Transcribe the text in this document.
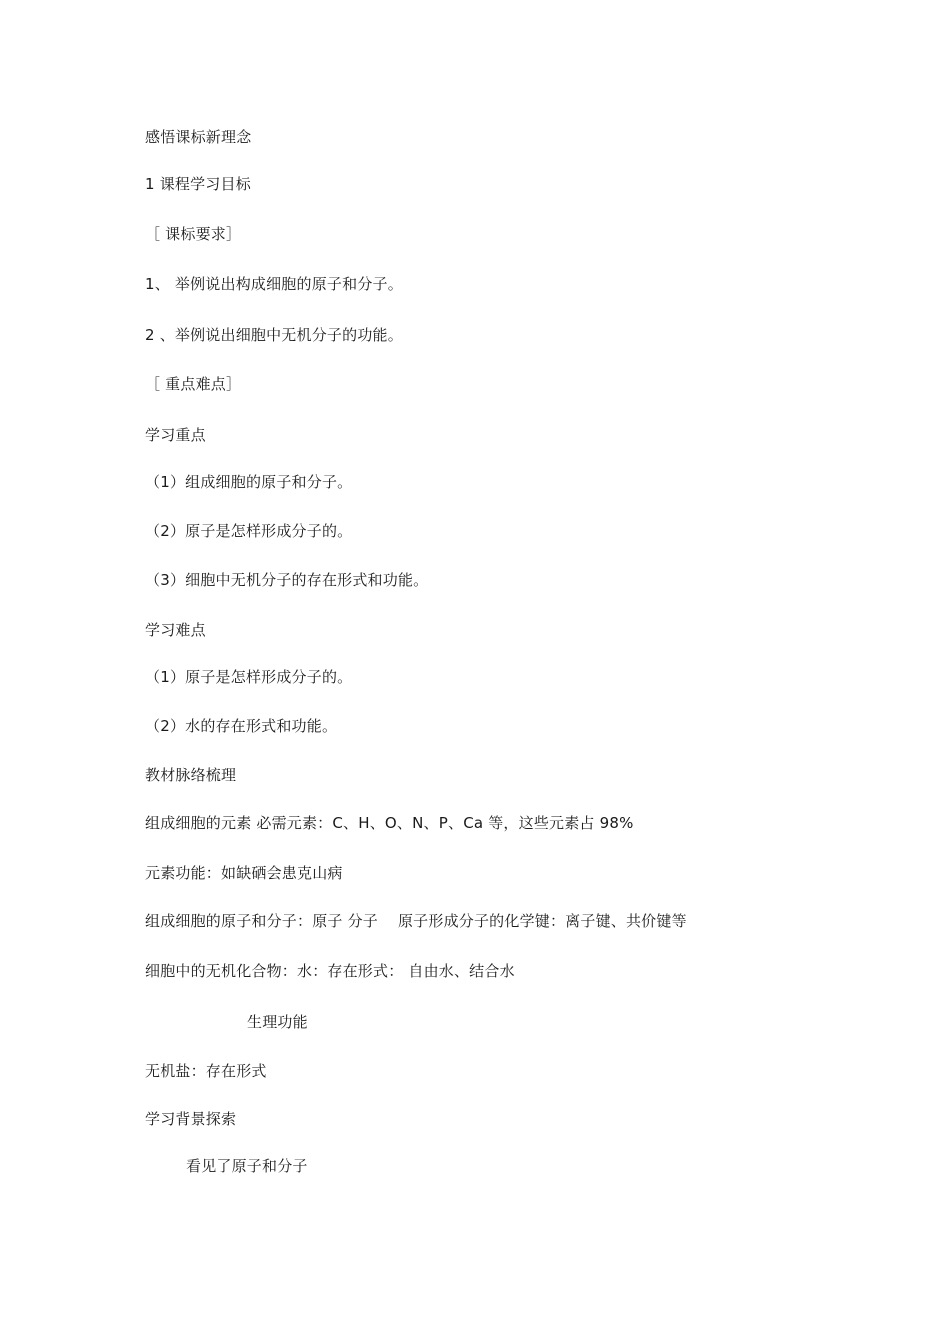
感悟课标新理念
1 课程学习目标
［ 课标要求］
1、 举例说出构成细胞的原子和分子。
2 、举例说出细胞中无机分子的功能。
［ 重点难点］
学习重点
（1）组成细胞的原子和分子。
（2）原子是怎样形成分子的。
（3）细胞中无机分子的存在形式和功能。
学习难点
（1）原子是怎样形成分子的。
（2）水的存在形式和功能。
教材脉络梳理
组成细胞的元素 必需元素：C、H、O、N、P、Ca 等，这些元素占 98%
元素功能：如缺硒会患克山病
组成细胞的原子和分子：原子 分子 原子形成分子的化学键：离子键、共价键等
细胞中的无机化合物：水：存在形式： 自由水、结合水
生理功能
无机盐：存在形式
学习背景探索
看见了原子和分子
